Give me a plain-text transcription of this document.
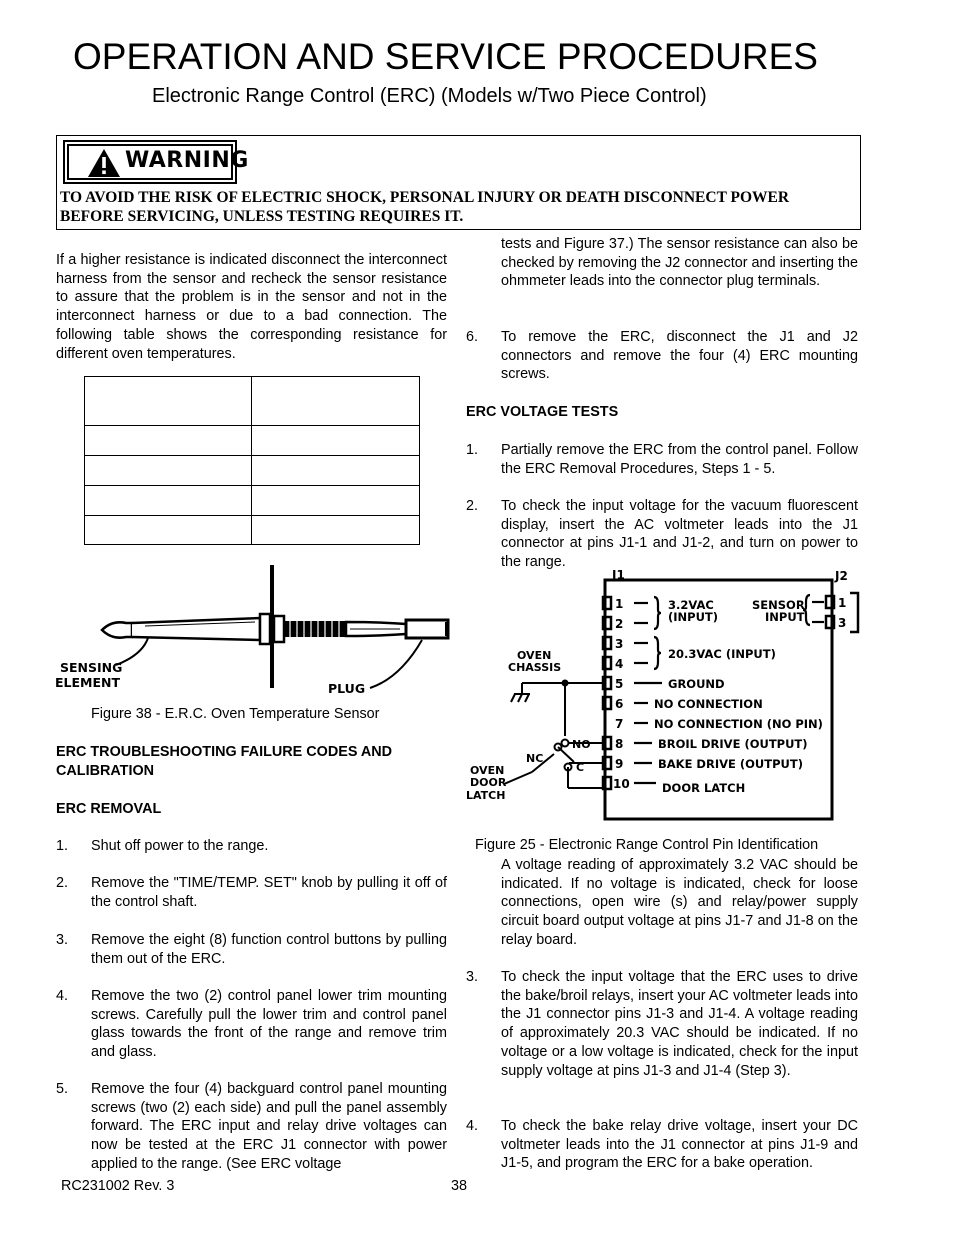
OPERATION AND SERVICE PROCEDURES
Electronic Range Control (ERC) (Models w/Two Piece Control)
WARNING
TO AVOID THE RISK OF ELECTRIC SHOCK, PERSONAL INJURY OR DEATH DISCONNECT POWER
BEFORE SERVICING, UNLESS TESTING REQUIRES IT.
If a higher resistance is indicated disconnect the interconnect harness from the sensor and recheck the sensor resistance to assure that the problem is in the sensor and not in the interconnect harness or due to a bad connection. The following table shows the corresponding resistance for different oven temperatures.

SENSING
ELEMENT	PLUG
Figure 38 - E.R.C. Oven Temperature Sensor
ERC TROUBLESHOOTING FAILURE CODES AND
CALIBRATION
ERC REMOVAL
1. Shut off power to the range.
2. Remove the "TIME/TEMP. SET" knob by pulling it off of the control shaft.
3. Remove the eight (8) function control buttons by pulling them out of the ERC.
4. Remove the two (2) control panel lower trim mounting screws. Carefully pull the lower trim and control panel glass towards the front of the range and remove trim and glass.
5. Remove the four (4) backguard control panel mounting screws (two (2) each side) and pull the panel assembly forward. The ERC input and relay drive voltages can now be tested at the ERC J1 connector with power applied to the range. (See ERC voltage
tests and Figure 37.) The sensor resistance can also be checked by removing the J2 connector and inserting the ohmmeter leads into the connector plug terminals.
6. To remove the ERC, disconnect the J1 and J2 connectors and remove the four (4) ERC mounting screws.
ERC VOLTAGE TESTS
1. Partially remove the ERC from the control panel. Follow the ERC Removal Procedures, Steps 1 - 5.
2. To check the input voltage for the vacuum fluorescent display, insert the AC voltmeter leads into the J1 connector at pins J1-1 and J1-2, and turn on power to the range.
J1	J2
1
2
3
4
5
6
7
8
9
10
1
3
3.2VAC
(INPUT)
SENSOR
INPUT
20.3VAC (INPUT)
GROUND
NO CONNECTION
NO CONNECTION (NO PIN)
BROIL DRIVE (OUTPUT)
BAKE DRIVE (OUTPUT)
DOOR LATCH
OVEN
CHASSIS
NO
NC
C
OVEN
DOOR
LATCH
Figure 25 - Electronic Range Control Pin Identification
A voltage reading of approximately 3.2 VAC should be indicated. If no voltage is indicated, check for loose connections, open wire (s) and relay/power supply circuit board output voltage at pins J1-7 and J1-8 on the relay board.
3. To check the input voltage that the ERC uses to drive the bake/broil relays, insert your AC voltmeter leads into the J1 connector pins J1-3 and J1-4. A voltage reading of approximately 20.3 VAC should be indicated. If no voltage or a low voltage is indicated, check for the input supply voltage at pins J1-3 and J1-4 (Step 3).
4. To check the bake relay drive voltage, insert your DC voltmeter leads into the J1 connector at pins J1-9 and J1-5, and program the ERC for a bake operation.
RC231002 Rev. 3	38
